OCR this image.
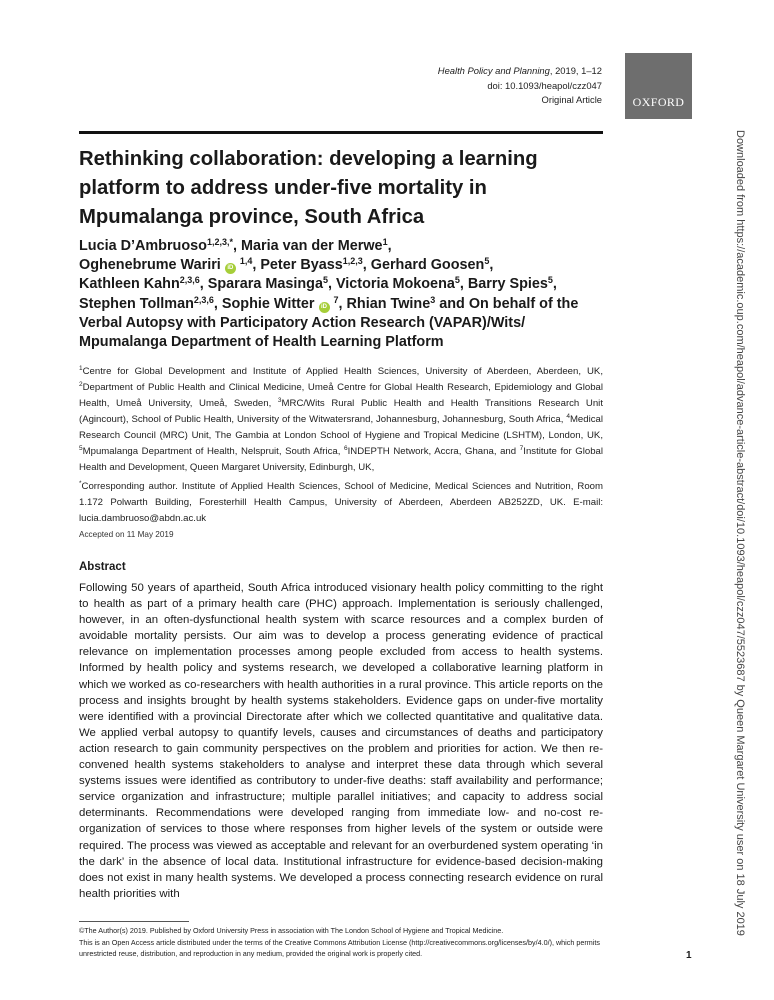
Health Policy and Planning, 2019, 1–12
doi: 10.1093/heapol/czz047
Original Article	OXFORD
Rethinking collaboration: developing a learning platform to address under-five mortality in Mpumalanga province, South Africa
Lucia D’Ambruoso$^{1,2,3,*}$, Maria van der Merwe$^1$,
Oghenebrume Wariri iD $^{1,4}$, Peter Byass$^{1,2,3}$, Gerhard Goosen$^5$,
Kathleen Kahn$^{2,3,6}$, Sparara Masinga$^5$, Victoria Mokoena$^5$, Barry Spies$^5$,
Stephen Tollman$^{2,3,6}$, Sophie Witter iD $^7$, Rhian Twine$^3$ and On behalf of the Verbal Autopsy with Participatory Action Research (VAPAR)/Wits/ Mpumalanga Department of Health Learning Platform
$^1$Centre for Global Development and Institute of Applied Health Sciences, University of Aberdeen, Aberdeen, UK, $^2$Department of Public Health and Clinical Medicine, Umeå Centre for Global Health Research, Epidemiology and Global Health, Umeå University, Umeå, Sweden, $^3$MRC/Wits Rural Public Health and Health Transitions Research Unit (Agincourt), School of Public Health, University of the Witwatersrand, Johannesburg, Johannesburg, South Africa, $^4$Medical Research Council (MRC) Unit, The Gambia at London School of Hygiene and Tropical Medicine (LSHTM), London, UK, $^5$Mpumalanga Department of Health, Nelspruit, South Africa, $^6$INDEPTH Network, Accra, Ghana, and $^7$Institute for Global Health and Development, Queen Margaret University, Edinburgh, UK,
*Corresponding author. Institute of Applied Health Sciences, School of Medicine, Medical Sciences and Nutrition, Room 1.172 Polwarth Building, Foresterhill Health Campus, University of Aberdeen, Aberdeen AB252ZD, UK. E-mail: lucia.dambruoso@abdn.ac.uk
Accepted on 11 May 2019
Abstract

Following 50 years of apartheid, South Africa introduced visionary health policy committing to the right to health as part of a primary health care (PHC) approach. Implementation is seriously challenged, however, in an often-dysfunctional health system with scarce resources and a complex burden of avoidable mortality persists. Our aim was to develop a process generating evidence of practical relevance on implementation processes among people excluded from access to health systems. Informed by health policy and systems research, we developed a collaborative learning platform in which we worked as co-researchers with health authorities in a rural province. This article reports on the process and insights brought by health systems stakeholders. Evidence gaps on under-five mortality were identified with a provincial Directorate after which we collected quantitative and qualitative data. We applied verbal autopsy to quantify levels, causes and circumstances of deaths and participatory action research to gain community perspectives on the problem and priorities for action. We then re-convened health systems stakeholders to analyse and interpret these data through which several systems issues were identified as contributory to under-five deaths: staff availability and performance; service organization and infrastructure; multiple parallel initiatives; and capacity to address social determinants. Recommendations were developed ranging from immediate low- and no-cost re-organization of services to those where responses from higher levels of the system or outside were required. The process was viewed as acceptable and relevant for an overburdened system operating ‘in the dark’ in the absence of local data. Institutional infrastructure for evidence-based decision-making does not exist in many health systems. We developed a process connecting research evidence on rural health priorities with

©The Author(s) 2019. Published by Oxford University Press in association with The London School of Hygiene and Tropical Medicine.
This is an Open Access article distributed under the terms of the Creative Commons Attribution License (http://creativecommons.org/licenses/by/4.0/), which permits unrestricted reuse, distribution, and reproduction in any medium, provided the original work is properly cited.	1
Downloaded from https://academic.oup.com/heapol/advance-article-abstract/doi/10.1093/heapol/czz047/5523687 by Queen Margaret University user on 18 July 2019
